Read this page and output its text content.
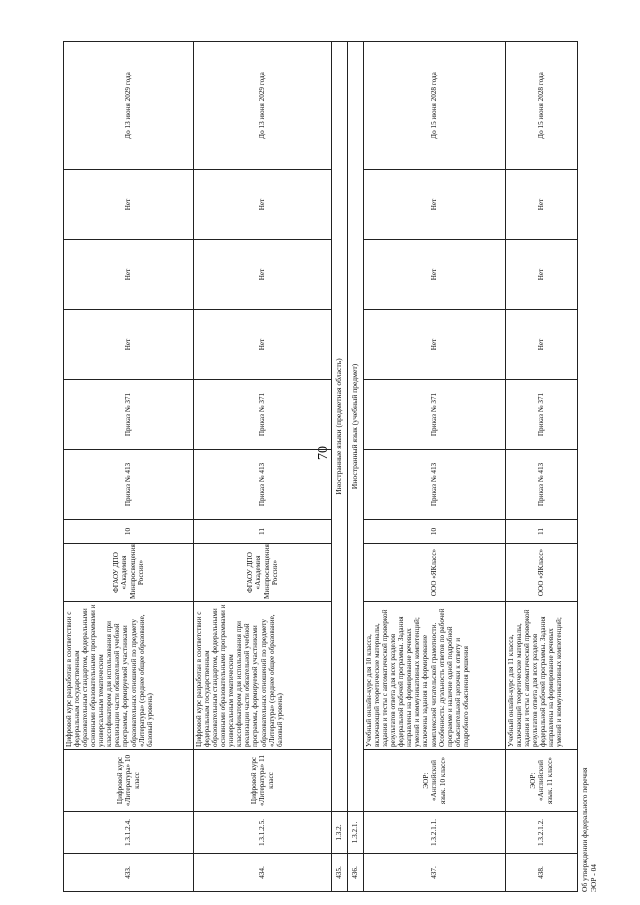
70
433.	1.3.1.2.4.	Цифровой курс «Литература» 10 класс	Цифровой курс разработан в соответствии с федеральным государственным образовательным стандартом, федеральными основными образовательными программами и универсальным тематическим классификатором для использования при реализации части обязательной учебной программы, формируемой участниками образовательных отношений по предмету «Литература» (среднее общее образование, базовый уровень)	ФГАОУ ДПО «Академия Минпросвещения России»	10	Приказ № 413	Приказ № 371	Нет	Нет	Нет	До 13 июня 2029 года
434.	1.3.1.2.5.	Цифровой курс «Литература» 11 класс	Цифровой курс разработан в соответствии с федеральным государственным образовательным стандартом, федеральными основными образовательными программами и универсальным тематическим классификатором для использования при реализации части обязательной учебной программы, формируемой участниками образовательных отношений по предмету «Литература» (среднее общее образование, базовый уровень)	ФГАОУ ДПО «Академия Минпросвещения России»	11	Приказ № 413	Приказ № 371	Нет	Нет	Нет	До 13 июня 2029 года
435.	1.3.2.	Иностранные языки (предметная область)									
436.	1.3.2.1.	Иностранный язык (учебный предмет)									
437.	1.3.2.1.1.	ЭОР: «Английский язык. 10 класс»	Учебный онлайн-курс для 10 класса, включающий теоретические материалы, задания и тесты с автоматической проверкой результатов ответа для всех разделов федеральной рабочей программы. Задания направлены на формирование речевых умений и коммуникативных компетенций; включены задания на формирование комплексной читательской грамотности. Особенность: дуэльность ответов по рабочей программе и наличие одной подробной объяснительной цепочки к ответу и подробного объяснения решения	ООО «ЯКласс»	10	Приказ № 413	Приказ № 371	Нет	Нет	Нет	До 15 июня 2028 года
438.	1.3.2.1.2.	ЭОР: «Английский язык. 11 класс»	Учебный онлайн-курс для 11 класса, включающий теоретические материалы, задания и тесты с автоматической проверкой результатов ответа для всех разделов федеральной рабочей программы. Задания направлены на формирование речевых умений и коммуникативных компетенций;	ООО «ЯКласс»	11	Приказ № 413	Приказ № 371	Нет	Нет	Нет	До 15 июня 2028 года
Об утверждении федерального перечня ЭОР - 04
